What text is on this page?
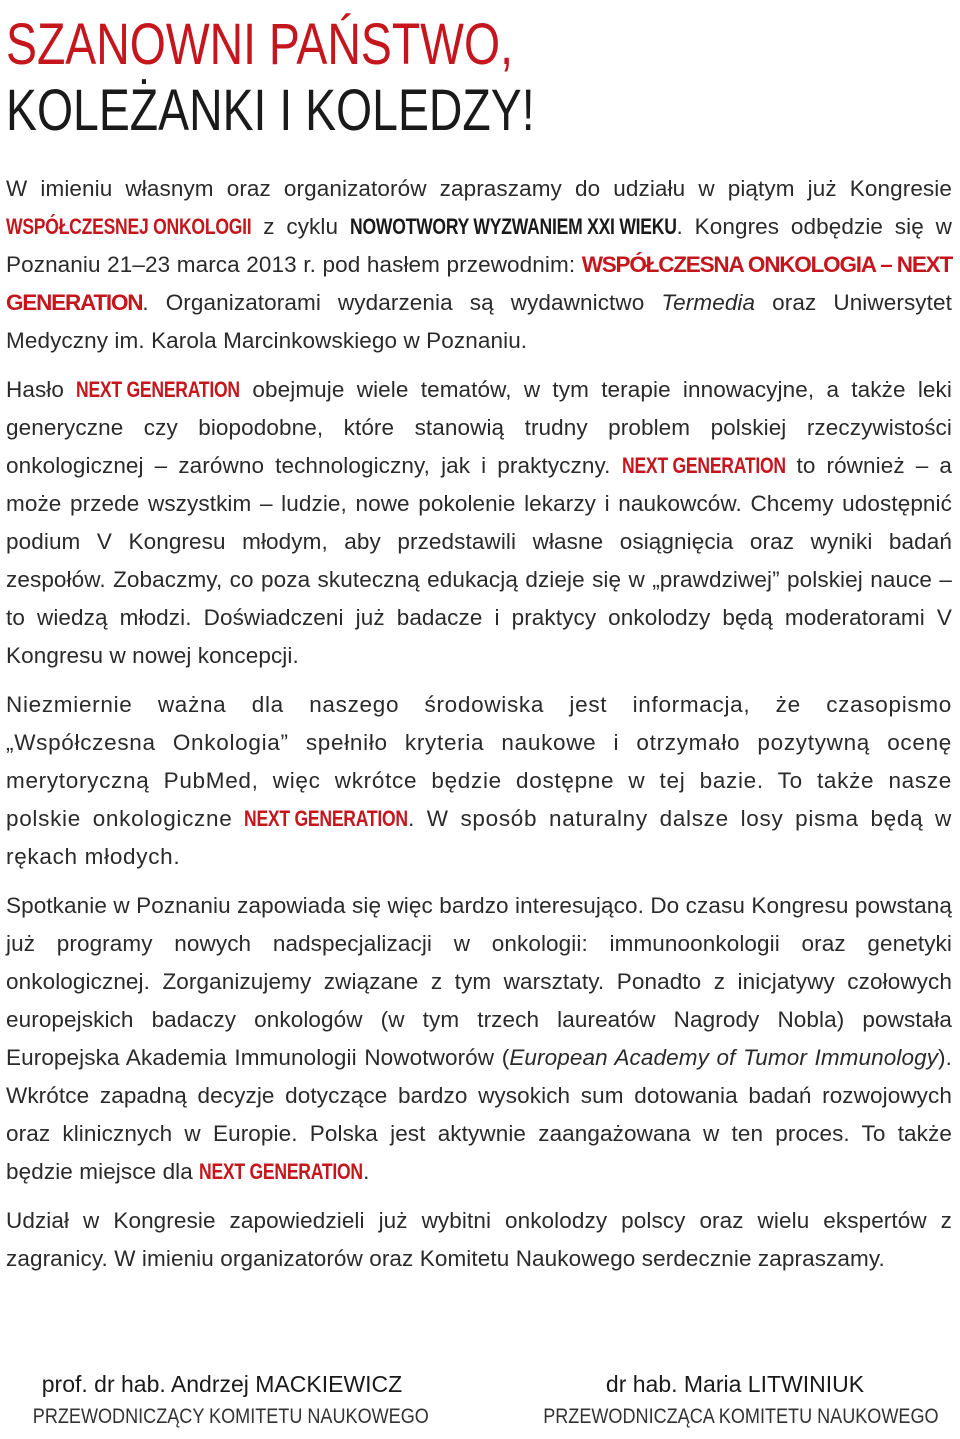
SZANOWNI PAŃSTWO,
KOLEŻANKI I KOLEDZY!

W imieniu własnym oraz organizatorów zapraszamy do udziału w piątym już Kongresie WSPÓŁCZESNEJ ONKOLOGII z cyklu NOWOTWORY WYZWANIEM XXI WIEKU. Kongres odbędzie się w Poznaniu 21–23 marca 2013 r. pod hasłem przewodnim: WSPÓŁCZESNA ONKOLOGIA – NEXT GENERATION. Organizatorami wydarzenia są wydawnictwo Termedia oraz Uniwersytet Medyczny im. Karola Marcinkowskiego w Poznaniu.

Hasło NEXT GENERATION obejmuje wiele tematów, w tym terapie innowacyjne, a także leki generyczne czy biopodobne, które stanowią trudny problem polskiej rzeczywistości onkologicznej – zarówno technologiczny, jak i praktyczny. NEXT GENERATION to również – a może przede wszystkim – ludzie, nowe pokolenie lekarzy i naukowców. Chcemy udostępnić podium V Kongresu młodym, aby przedstawili własne osiągnięcia oraz wyniki badań zespołów. Zobaczmy, co poza skuteczną edukacją dzieje się w „prawdziwej” polskiej nauce – to wiedzą młodzi. Doświadczeni już badacze i praktycy onkolodzy będą moderatorami V Kongresu w nowej koncepcji.

Niezmiernie ważna dla naszego środowiska jest informacja, że czasopismo „Współczesna Onkologia” spełniło kryteria naukowe i otrzymało pozytywną ocenę merytoryczną PubMed, więc wkrótce będzie dostępne w tej bazie. To także nasze polskie onkologiczne NEXT GENERATION. W sposób naturalny dalsze losy pisma będą w rękach młodych.

Spotkanie w Poznaniu zapowiada się więc bardzo interesująco. Do czasu Kongresu powstaną już programy nowych nadspecjalizacji w onkologii: immunoonkologii oraz genetyki onkologicznej. Zorganizujemy związane z tym warsztaty. Ponadto z inicjatywy czołowych europejskich badaczy onkologów (w tym trzech laureatów Nagrody Nobla) powstała Europejska Akademia Immunologii Nowotworów (European Academy of Tumor Immunology). Wkrótce zapadną decyzje dotyczące bardzo wysokich sum dotowania badań rozwojowych oraz klinicznych w Europie. Polska jest aktywnie zaangażowana w ten proces. To także będzie miejsce dla NEXT GENERATION.

Udział w Kongresie zapowiedzieli już wybitni onkolodzy polscy oraz wielu ekspertów z zagranicy. W imieniu organizatorów oraz Komitetu Naukowego serdecznie zapraszamy.

prof. dr hab. Andrzej MACKIEWICZ
PRZEWODNICZĄCY KOMITETU NAUKOWEGO
dr hab. Maria LITWINIUK
PRZEWODNICZĄCA KOMITETU NAUKOWEGO
